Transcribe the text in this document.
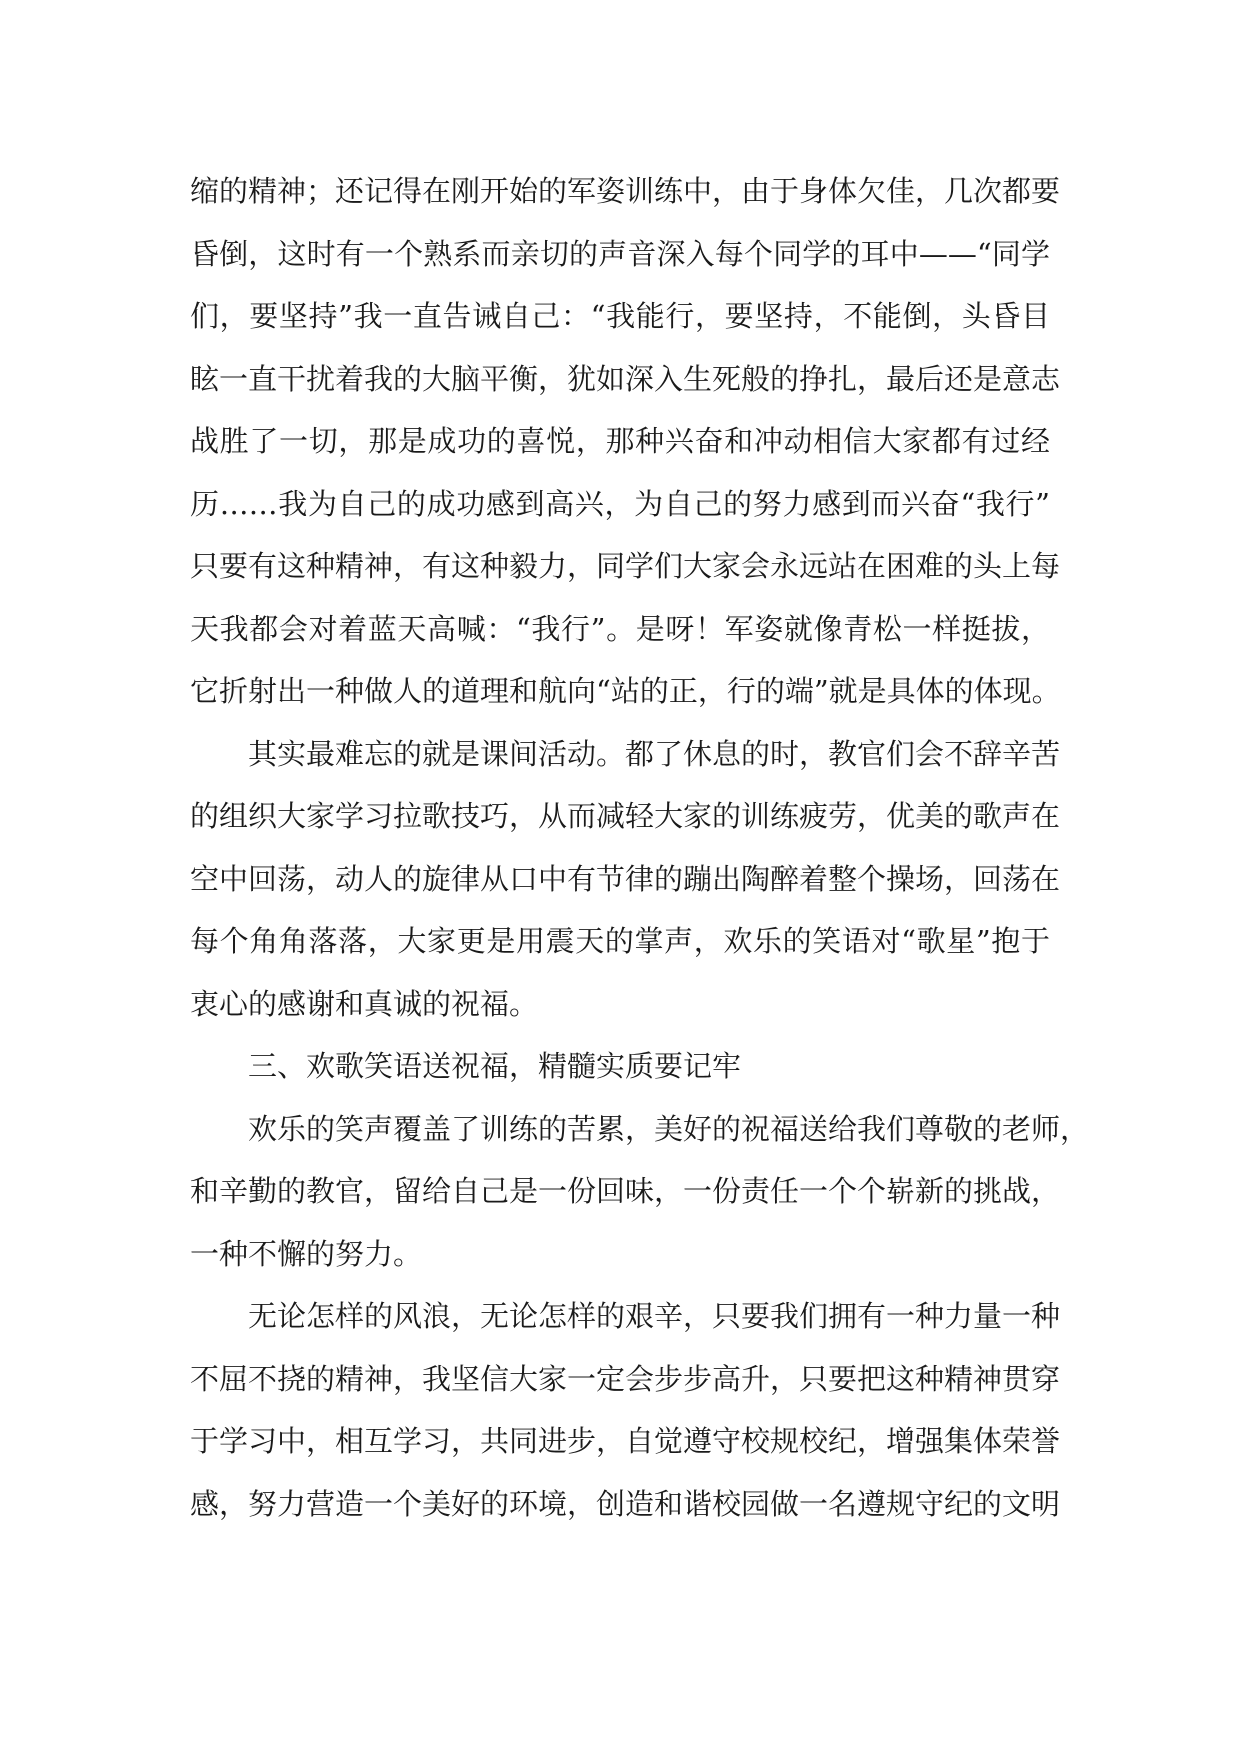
缩的精神；还记得在刚开始的军姿训练中，由于身体欠佳，几次都要
昏倒，这时有一个熟系而亲切的声音深入每个同学的耳中——“同学
们，要坚持”我一直告诫自己：“我能行，要坚持，不能倒，头昏目
眩一直干扰着我的大脑平衡，犹如深入生死般的挣扎，最后还是意志
战胜了一切，那是成功的喜悦，那种兴奋和冲动相信大家都有过经
历……我为自己的成功感到高兴，为自己的努力感到而兴奋“我行”
只要有这种精神，有这种毅力，同学们大家会永远站在困难的头上每
天我都会对着蓝天高喊：“我行”。是呀！军姿就像青松一样挺拔，
它折射出一种做人的道理和航向“站的正，行的端”就是具体的体现。
其实最难忘的就是课间活动。都了休息的时，教官们会不辞辛苦
的组织大家学习拉歌技巧，从而减轻大家的训练疲劳，优美的歌声在
空中回荡，动人的旋律从口中有节律的蹦出陶醉着整个操场，回荡在
每个角角落落，大家更是用震天的掌声，欢乐的笑语对“歌星”抱于
衷心的感谢和真诚的祝福。
三、欢歌笑语送祝福，精髓实质要记牢
欢乐的笑声覆盖了训练的苦累，美好的祝福送给我们尊敬的老师，
和辛勤的教官，留给自己是一份回味，一份责任一个个崭新的挑战，
一种不懈的努力。
无论怎样的风浪，无论怎样的艰辛，只要我们拥有一种力量一种
不屈不挠的精神，我坚信大家一定会步步高升，只要把这种精神贯穿
于学习中，相互学习，共同进步，自觉遵守校规校纪，增强集体荣誉
感，努力营造一个美好的环境，创造和谐校园做一名遵规守纪的文明
